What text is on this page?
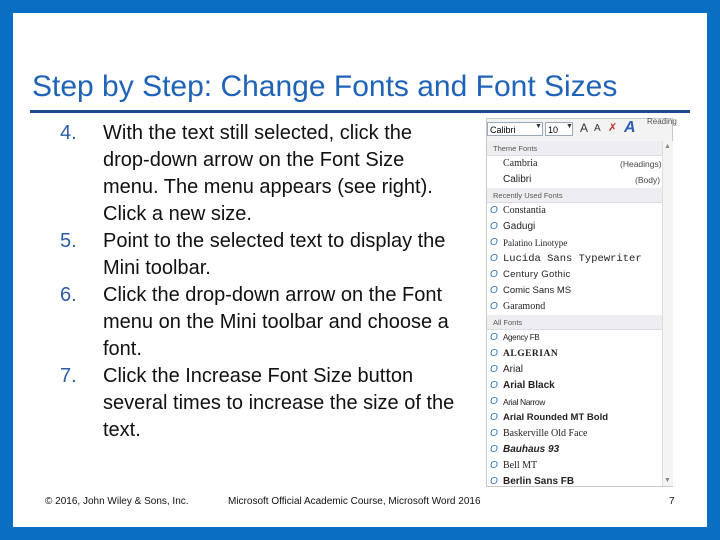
Step by Step: Change Fonts and Font Sizes
4. With the text still selected, click the drop-down arrow on the Font Size menu. The menu appears (see right). Click a new size.
5. Point to the selected text to display the Mini toolbar.
6. Click the drop-down arrow on the Font menu on the Mini toolbar and choose a font.
7. Click the Increase Font Size button several times to increase the size of the text.
Calibri	▼ 10	▼ A A ✗ A Reading
Theme Fonts
Cambria	(Headings)
Calibri	(Body)
Recently Used Fonts
O Constantia
O Gadugi
O Palatino Linotype
O Lucida Sans Typewriter
O Century Gothic
O Comic Sans MS
O Garamond
All Fonts
O Agency FB
O ALGERIAN
O Arial
O Arial Black
O Arial Narrow
O Arial Rounded MT Bold
O Baskerville Old Face
O Bauhaus 93
O Bell MT
O Berlin Sans FB
▲
▼
© 2016, John Wiley & Sons, Inc.	Microsoft Official Academic Course, Microsoft Word 2016	7
